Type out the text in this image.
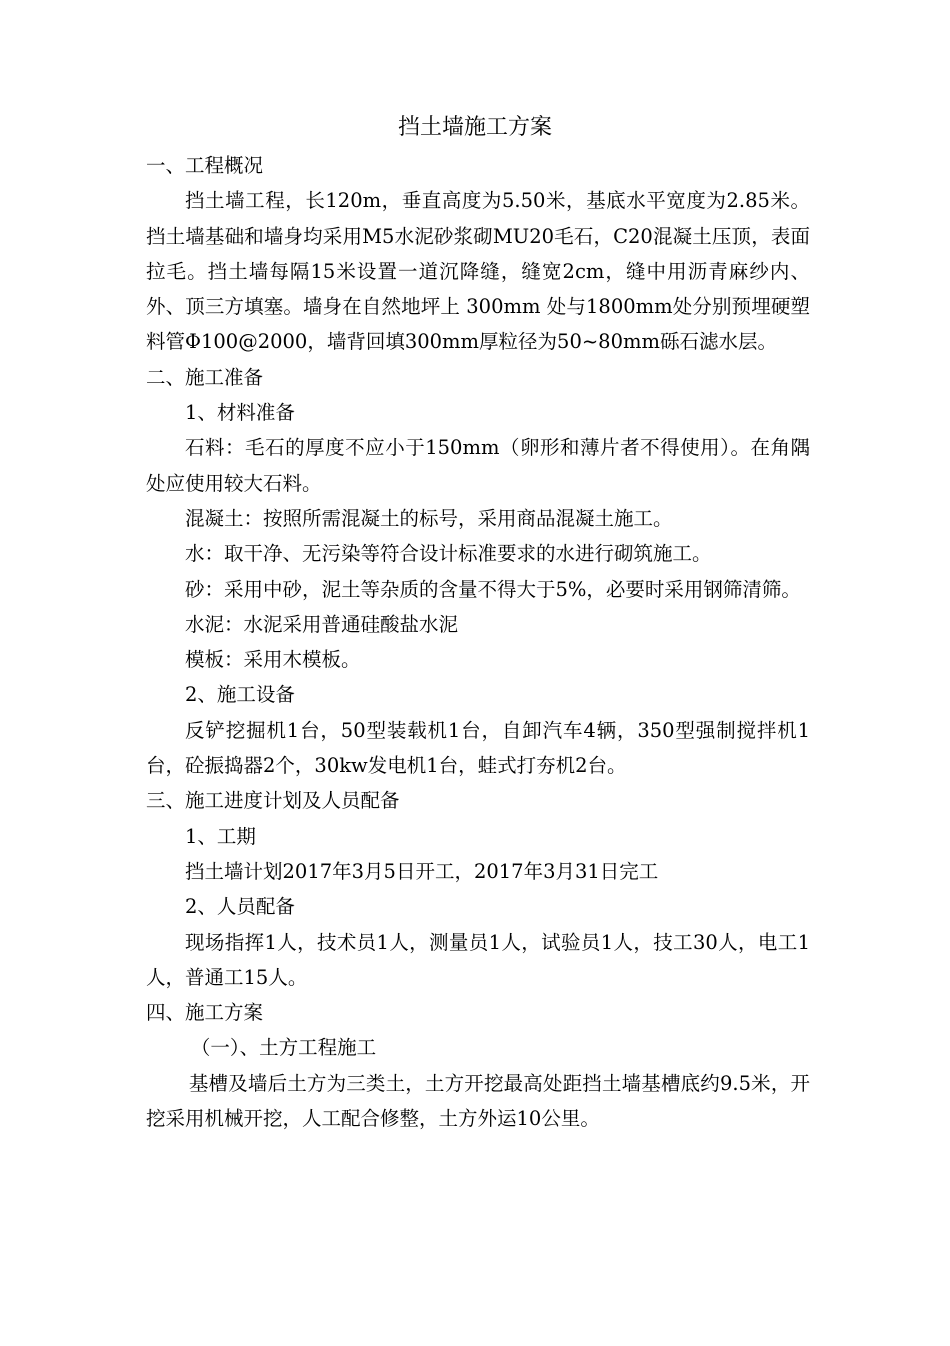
挡土墙施工方案

一、工程概况

挡土墙工程，长120m，垂直高度为5.50米，基底水平宽度为2.85米。挡土墙基础和墙身均采用M5水泥砂浆砌MU20毛石，C20混凝土压顶，表面拉毛。挡土墙每隔15米设置一道沉降缝，缝宽2cm，缝中用沥青麻纱内、外、顶三方填塞。墙身在自然地坪上 300mm 处与1800mm处分别预埋硬塑料管Φ100@2000，墙背回填300mm厚粒径为50~80mm砾石滤水层。

二、施工准备

1、材料准备

石料：毛石的厚度不应小于150mm（卵形和薄片者不得使用）。在角隅处应使用较大石料。

混凝土：按照所需混凝土的标号，采用商品混凝土施工。

水：取干净、无污染等符合设计标准要求的水进行砌筑施工。

砂：采用中砂，泥土等杂质的含量不得大于5%，必要时采用钢筛清筛。

水泥：水泥采用普通硅酸盐水泥

模板：采用木模板。

2、施工设备

反铲挖掘机1台，50型装载机1台，自卸汽车4辆，350型强制搅拌机1台，砼振捣器2个，30kw发电机1台，蛙式打夯机2台。

三、施工进度计划及人员配备

1、工期

挡土墙计划2017年3月5日开工，2017年3月31日完工

2、人员配备

现场指挥1人，技术员1人，测量员1人，试验员1人，技工30人，电工1人，普通工15人。

四、施工方案

（一）、土方工程施工

基槽及墙后土方为三类土，土方开挖最高处距挡土墙基槽底约9.5米，开挖采用机械开挖，人工配合修整，土方外运10公里。
